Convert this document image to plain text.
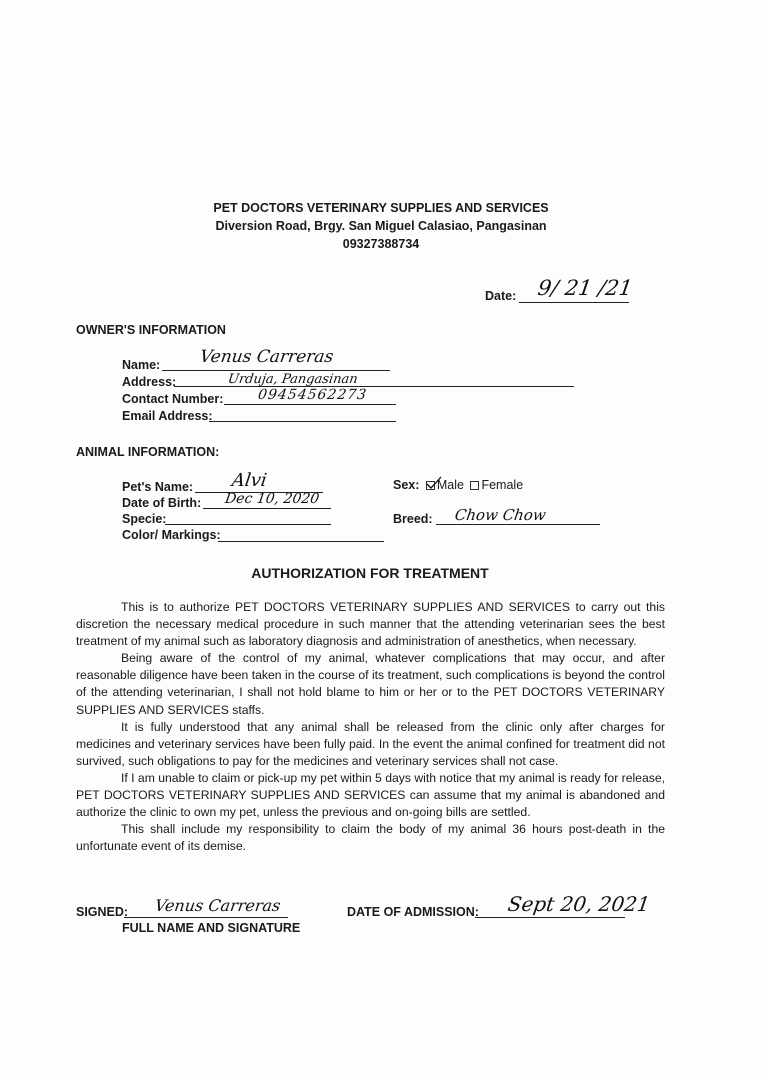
PET DOCTORS VETERINARY SUPPLIES AND SERVICES
Diversion Road, Brgy. San Miguel Calasiao, Pangasinan
09327388734
Date: 9/ 21 /21
OWNER'S INFORMATION
Name: Venus Carreras
Address:	Urduja, Pangasinan
Contact Number: 09454562273
Email Address:
ANIMAL INFORMATION:
Pet's Name: Alvi
Date of Birth: Dec 10, 2020
Specie:
Color/ Markings:
Sex: Male Female
Breed: Chow Chow
AUTHORIZATION FOR TREATMENT

This is to authorize PET DOCTORS VETERINARY SUPPLIES AND SERVICES to carry out this discretion the necessary medical procedure in such manner that the attending veterinarian sees the best treatment of my animal such as laboratory diagnosis and administration of anesthetics, when necessary.

Being aware of the control of my animal, whatever complications that may occur, and after reasonable diligence have been taken in the course of its treatment, such complications is beyond the control of the attending veterinarian, I shall not hold blame to him or her or to the PET DOCTORS VETERINARY SUPPLIES AND SERVICES staffs.

It is fully understood that any animal shall be released from the clinic only after charges for medicines and veterinary services have been fully paid. In the event the animal confined for treatment did not survived, such obligations to pay for the medicines and veterinary services shall not case.

If I am unable to claim or pick-up my pet within 5 days with notice that my animal is ready for release, PET DOCTORS VETERINARY SUPPLIES AND SERVICES can assume that my animal is abandoned and authorize the clinic to own my pet, unless the previous and on-going bills are settled.

This shall include my responsibility to claim the body of my animal 36 hours post-death in the unfortunate event of its demise.

SIGNED: Venus Carreras
FULL NAME AND SIGNATURE
DATE OF ADMISSION: Sept 20, 2021
